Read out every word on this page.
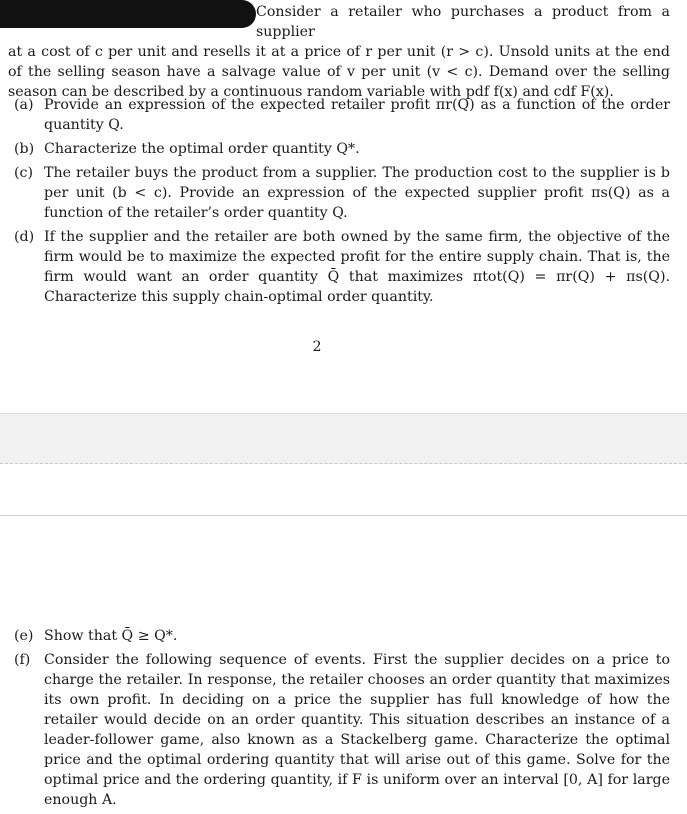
Consider a retailer who purchases a product from a supplier
at a cost of c per unit and resells it at a price of r per unit (r > c). Unsold units at the end of the selling season have a salvage value of v per unit (v < c). Demand over the selling season can be described by a continuous random variable with pdf f(x) and cdf F(x).
(a) Provide an expression of the expected retailer profit πr(Q) as a function of the order quantity Q.
(b) Characterize the optimal order quantity Q*.
(c) The retailer buys the product from a supplier. The production cost to the supplier is b per unit (b < c). Provide an expression of the expected supplier profit πs(Q) as a function of the retailer’s order quantity Q.
(d) If the supplier and the retailer are both owned by the same firm, the objective of the firm would be to maximize the expected profit for the entire supply chain. That is, the firm would want an order quantity Q̄ that maximizes πtot(Q) = πr(Q) + πs(Q). Characterize this supply chain-optimal order quantity.
2
(e) Show that Q̄ ≥ Q*.
(f) Consider the following sequence of events. First the supplier decides on a price to charge the retailer. In response, the retailer chooses an order quantity that maximizes its own profit. In deciding on a price the supplier has full knowledge of how the retailer would decide on an order quantity. This situation describes an instance of a leader-follower game, also known as a Stackelberg game. Characterize the optimal price and the optimal ordering quantity that will arise out of this game. Solve for the optimal price and the ordering quantity, if F is uniform over an interval [0, A] for large enough A.
